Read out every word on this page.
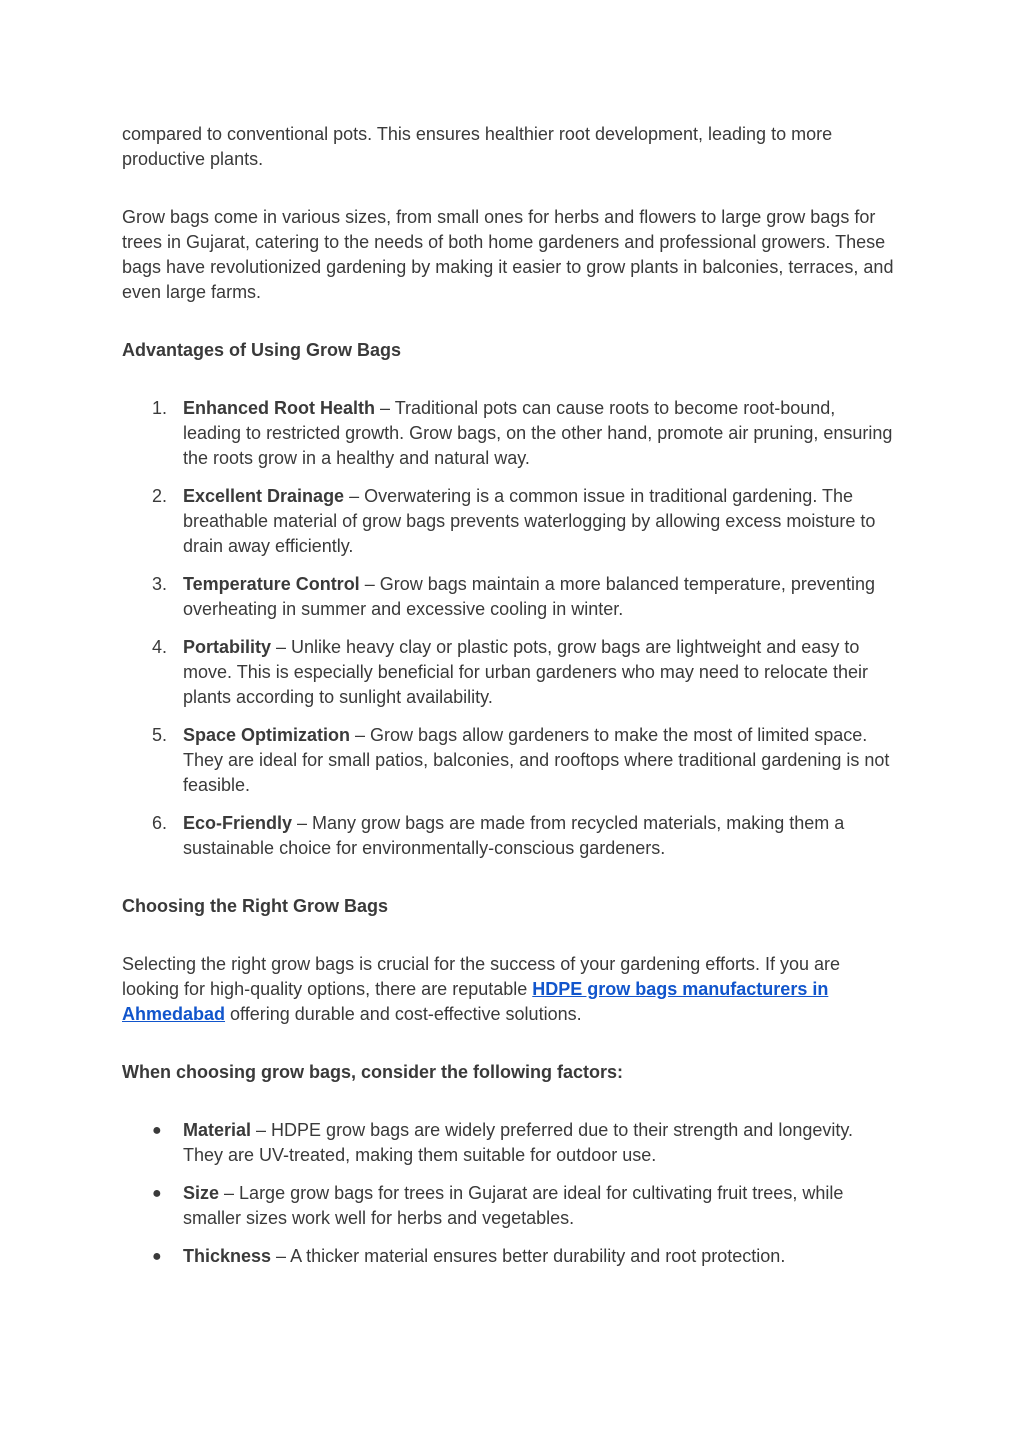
compared to conventional pots. This ensures healthier root development, leading to more productive plants.

Grow bags come in various sizes, from small ones for herbs and flowers to large grow bags for trees in Gujarat, catering to the needs of both home gardeners and professional growers. These bags have revolutionized gardening by making it easier to grow plants in balconies, terraces, and even large farms.

Advantages of Using Grow Bags

1. Enhanced Root Health – Traditional pots can cause roots to become root-bound, leading to restricted growth. Grow bags, on the other hand, promote air pruning, ensuring the roots grow in a healthy and natural way.
2. Excellent Drainage – Overwatering is a common issue in traditional gardening. The breathable material of grow bags prevents waterlogging by allowing excess moisture to drain away efficiently.
3. Temperature Control – Grow bags maintain a more balanced temperature, preventing overheating in summer and excessive cooling in winter.
4. Portability – Unlike heavy clay or plastic pots, grow bags are lightweight and easy to move. This is especially beneficial for urban gardeners who may need to relocate their plants according to sunlight availability.
5. Space Optimization – Grow bags allow gardeners to make the most of limited space. They are ideal for small patios, balconies, and rooftops where traditional gardening is not feasible.
6. Eco-Friendly – Many grow bags are made from recycled materials, making them a sustainable choice for environmentally-conscious gardeners.

Choosing the Right Grow Bags

Selecting the right grow bags is crucial for the success of your gardening efforts. If you are looking for high-quality options, there are reputable HDPE grow bags manufacturers in Ahmedabad offering durable and cost-effective solutions.

When choosing grow bags, consider the following factors:

● Material – HDPE grow bags are widely preferred due to their strength and longevity. They are UV-treated, making them suitable for outdoor use.
● Size – Large grow bags for trees in Gujarat are ideal for cultivating fruit trees, while smaller sizes work well for herbs and vegetables.
● Thickness – A thicker material ensures better durability and root protection.
